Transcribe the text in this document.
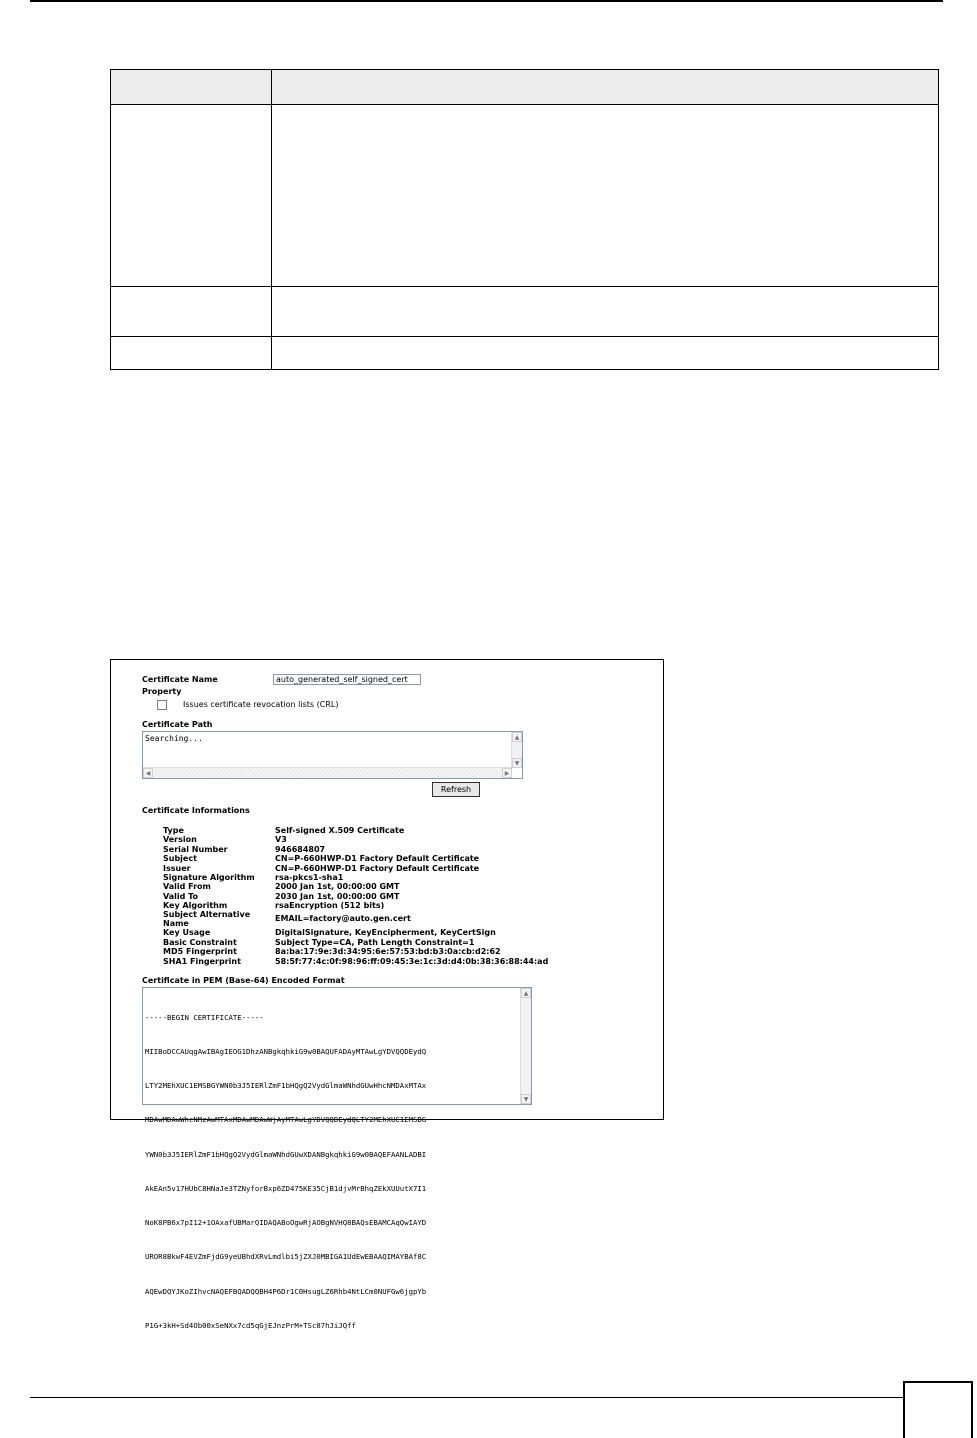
Certificate Name	auto_generated_self_signed_cert
Property
Issues certificate revocation lists (CRL)
Certificate Path
Searching...	▲
▼
◀	▶
Refresh
Certificate Informations
Type	Self-signed X.509 Certificate
Version	V3
Serial Number	946684807
Subject	CN=P-660HWP-D1 Factory Default Certificate
Issuer	CN=P-660HWP-D1 Factory Default Certificate
Signature Algorithm	rsa-pkcs1-sha1
Valid From	2000 Jan 1st, 00:00:00 GMT
Valid To	2030 Jan 1st, 00:00:00 GMT
Key Algorithm	rsaEncryption (512 bits)
Subject Alternative	EMAIL=factory@auto.gen.cert
Name
Key Usage	DigitalSignature, KeyEncipherment, KeyCertSign
Basic Constraint	Subject Type=CA, Path Length Constraint=1
MD5 Fingerprint	8a:ba:17:9e:3d:34:95:6e:57:53:bd:b3:0a:cb:d2:62
SHA1 Fingerprint	58:5f:77:4c:0f:98:96:ff:09:45:3e:1c:3d:d4:0b:38:36:88:44:ad
Certificate in PEM (Base-64) Encoded Format

-----BEGIN CERTIFICATE-----

MIIBoDCCAUqgAwIBAgIEOG1DhzANBgkqhkiG9w0BAQUFADAyMTAwLgYDVQQDEydQ

LTY2MEhXUC1EMSBGYWN0b3J5IERlZmF1bHQgQ2VydGlmaWNhdGUwHhcNMDAxMTAx

MDAwMDAwWhcNMzAwMTAxMDAwMDAwWjAyMTAwLgYDVQQDEydQLTY2MEhXUC1EMSBG

YWN0b3J5IERlZmF1bHQgQ2VydGlmaWNhdGUwXDANBgkqhkiG9w0BAQEFAANLADBI

AkEAn5v17HUbC8HNaJe3TZNyforBxp6ZD475KE35CjB1djvMrBhqZEkXUUutX7I1

NoK8PB6x7pI12+1OAxafUBMarQIDAQABoOgwRjAOBgNVHQ8BAQsEBAMCAqQwIAYD

UROR8BkwF4EVZmFjdG9yeUBhdXRvLmdlbi5jZXJ0MBIGA1UdEwEBAAQIMAYBAf8C

AQEwDQYJKoZIhvcNAQEFBQADQQBH4P6Dr1C0HsugLZ6Rhb4NtLCm0NUFGw6jgpYb

P1G+3kH+Sd4Ob00xSeNXx7cd5qGjEJnzPrM+TSc87hJiJQff

▲
▼
